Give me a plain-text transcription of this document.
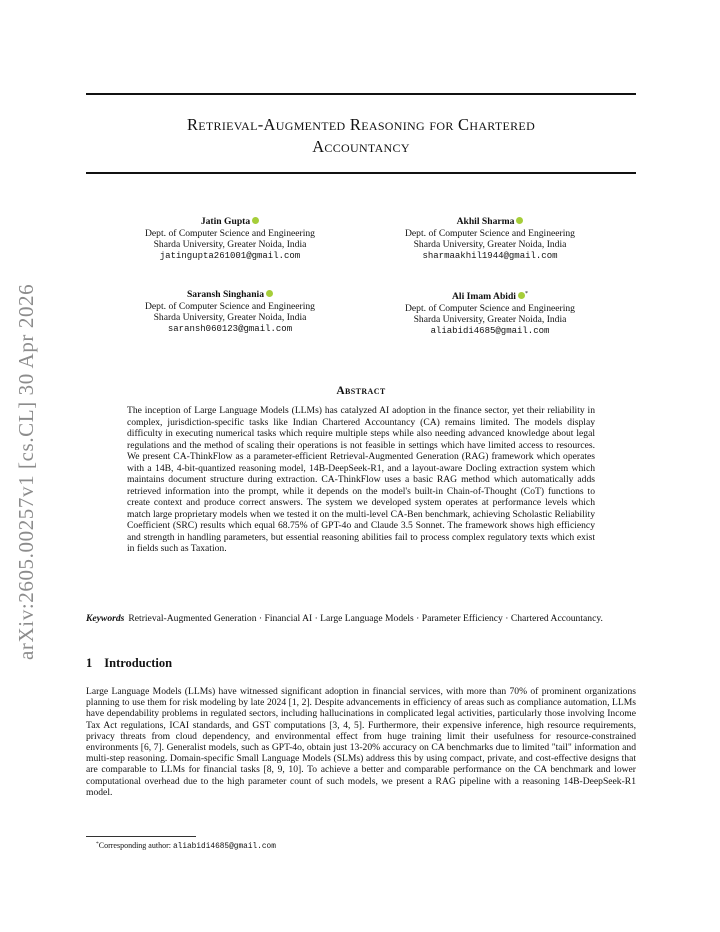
arXiv:2605.00257v1 [cs.CL] 30 Apr 2026
Retrieval-Augmented Reasoning for Chartered
Accountancy
Jatin Gupta
Dept. of Computer Science and Engineering
Sharda University, Greater Noida, India
jatingupta261001@gmail.com
Akhil Sharma
Dept. of Computer Science and Engineering
Sharda University, Greater Noida, India
sharmaakhil1944@gmail.com
Saransh Singhania
Dept. of Computer Science and Engineering
Sharda University, Greater Noida, India
saransh060123@gmail.com
Ali Imam Abidi *
Dept. of Computer Science and Engineering
Sharda University, Greater Noida, India
aliabidi4685@gmail.com
Abstract
The inception of Large Language Models (LLMs) has catalyzed AI adoption in the finance sector, yet their reliability in complex, jurisdiction-specific tasks like Indian Chartered Accountancy (CA) remains limited. The models display difficulty in executing numerical tasks which require multiple steps while also needing advanced knowledge about legal regulations and the method of scaling their operations is not feasible in settings which have limited access to resources. We present CA-ThinkFlow as a parameter-efficient Retrieval-Augmented Generation (RAG) framework which operates with a 14B, 4-bit-quantized reasoning model, 14B-DeepSeek-R1, and a layout-aware Docling extraction system which maintains document structure during extraction. CA-ThinkFlow uses a basic RAG method which automatically adds retrieved information into the prompt, while it depends on the model's built-in Chain-of-Thought (CoT) functions to create context and produce correct answers. The system we developed system operates at performance levels which match large proprietary models when we tested it on the multi-level CA-Ben benchmark, achieving Scholastic Reliability Coefficient (SRC) results which equal 68.75% of GPT-4o and Claude 3.5 Sonnet. The framework shows high efficiency and strength in handling parameters, but essential reasoning abilities fail to process complex regulatory texts which exist in fields such as Taxation.
Keywords Retrieval-Augmented Generation · Financial AI · Large Language Models · Parameter Efficiency · Chartered Accountancy.
1 Introduction
Large Language Models (LLMs) have witnessed significant adoption in financial services, with more than 70% of prominent organizations planning to use them for risk modeling by late 2024 [1, 2]. Despite advancements in efficiency of areas such as compliance automation, LLMs have dependability problems in regulated sectors, including hallucinations in complicated legal activities, particularly those involving Income Tax Act regulations, ICAI standards, and GST computations [3, 4, 5]. Furthermore, their expensive inference, high resource requirements, privacy threats from cloud dependency, and environmental effect from huge training limit their usefulness for resource-constrained environments [6, 7]. Generalist models, such as GPT-4o, obtain just 13-20% accuracy on CA benchmarks due to limited "tail" information and multi-step reasoning. Domain-specific Small Language Models (SLMs) address this by using compact, private, and cost-effective designs that are comparable to LLMs for financial tasks [8, 9, 10]. To achieve a better and comparable performance on the CA benchmark and lower computational overhead due to the high parameter count of such models, we present a RAG pipeline with a reasoning 14B-DeepSeek-R1 model.
*Corresponding author: aliabidi4685@gmail.com
